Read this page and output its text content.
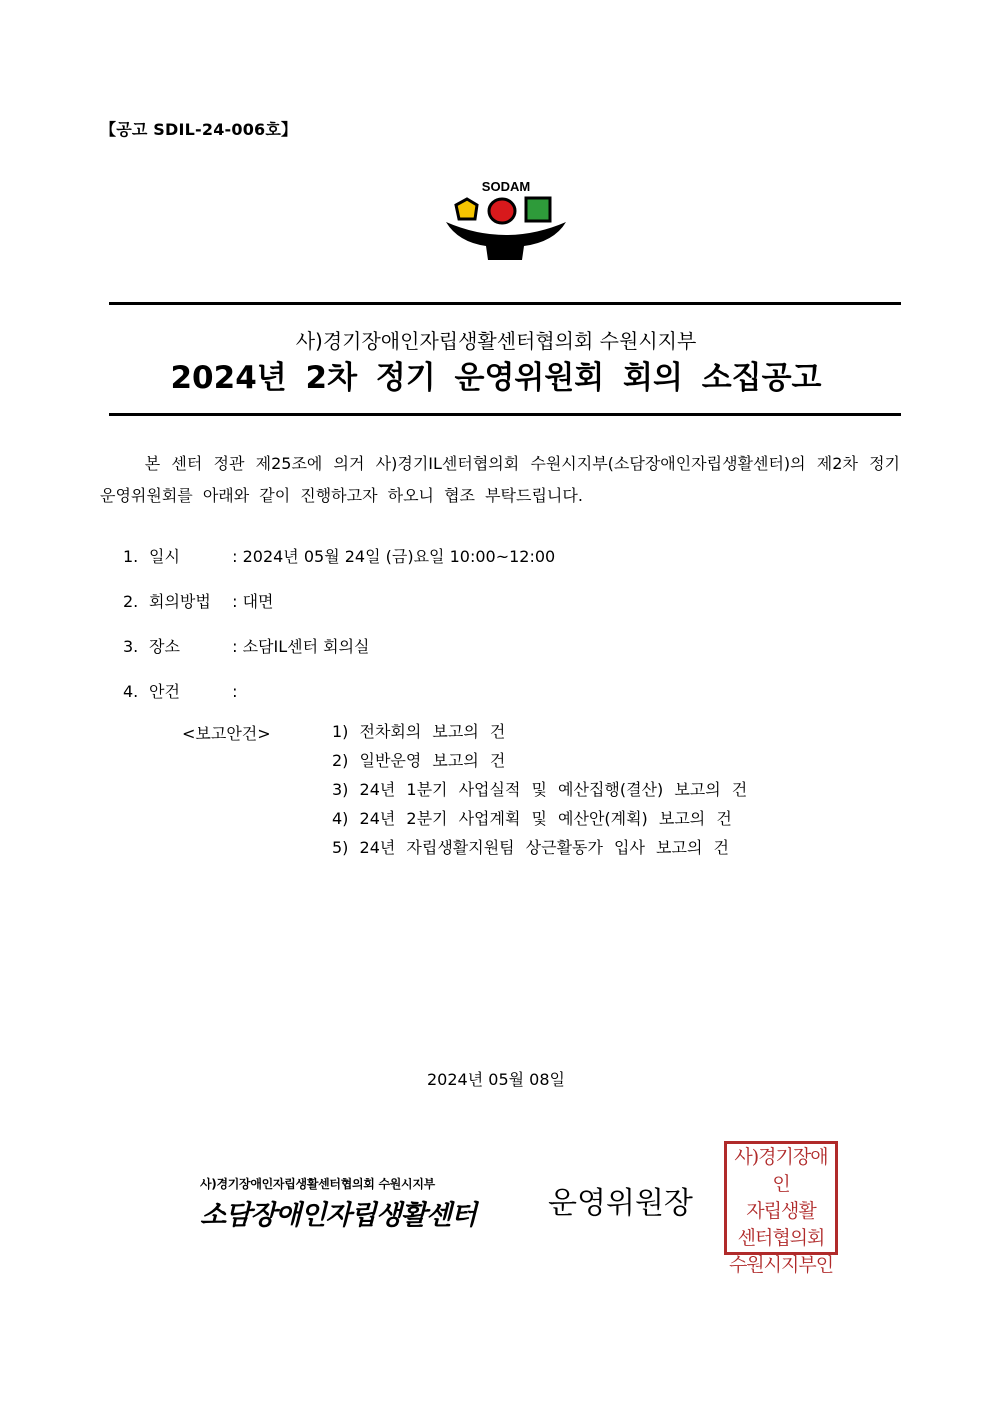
【공고 SDIL-24-006호】
SODAM
사)경기장애인자립생활센터협의회 수원시지부
2024년 2차 정기 운영위원회 회의 소집공고
본 센터 정관 제25조에 의거 사)경기IL센터협의회 수원시지부(소담장애인자립생활센터)의 제2차 정기운영위원회를 아래와 같이 진행하고자 하오니 협조 부탁드립니다.
1. 일시	: 2024년 05월 24일 (금)요일 10:00~12:00
2. 회의방법 : 대면
3. 장소	: 소담IL센터 회의실
4. 안건	:
<보고안건>	1) 전차회의 보고의 건
2) 일반운영 보고의 건
3) 24년 1분기 사업실적 및 예산집행(결산) 보고의 건
4) 24년 2분기 사업계획 및 예산안(계획) 보고의 건
5) 24년 자립생활지원팀 상근활동가 입사 보고의 건
2024년 05월 08일
사)경기장애인자립생활센터협의회 수원시지부
소담장애인자립생활센터 운영위원장
사)경기장애인
자립생활
센터협의회
수원시지부인
